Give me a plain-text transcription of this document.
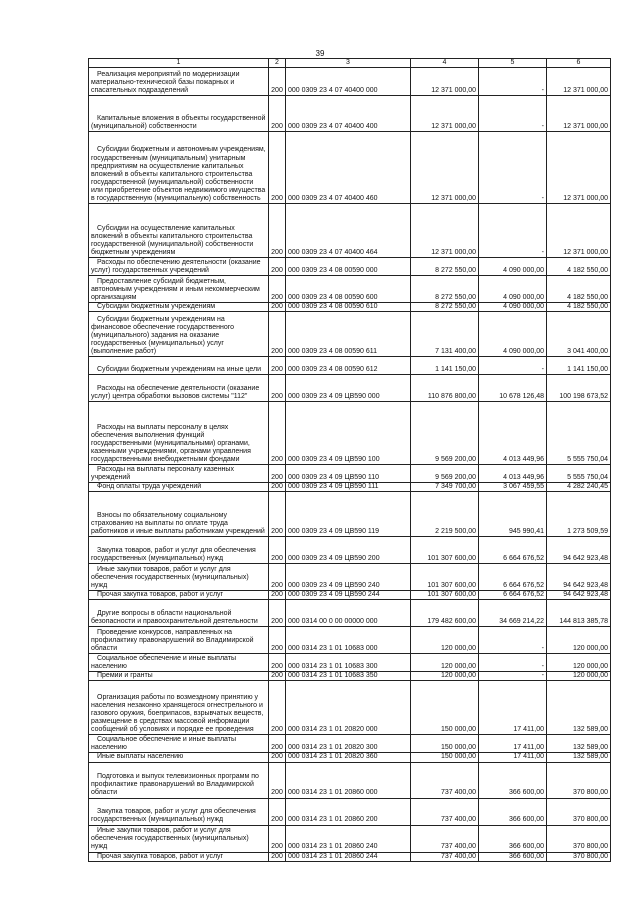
39
1	2	3	4	5	6
Реализация мероприятий по модернизации материально-технической базы пожарных и спасательных подразделений	200	000 0309 23 4 07 40400 000	12 371 000,00	-	12 371 000,00
Капитальные вложения в объекты государственной (муниципальной) собственности	200	000 0309 23 4 07 40400 400	12 371 000,00	-	12 371 000,00
Субсидии бюджетным и автономным учреждениям, государственным (муниципальным) унитарным предприятиям на осуществление капитальных вложений в объекты капитального строительства государственной (муниципальной) собственности или приобретение объектов недвижимого имущества в государственную (муниципальную) собственность	200	000 0309 23 4 07 40400 460	12 371 000,00	-	12 371 000,00
Субсидии на осуществление капитальных вложений в объекты капитального строительства государственной (муниципальной) собственности бюджетным учреждениям	200	000 0309 23 4 07 40400 464	12 371 000,00	-	12 371 000,00
Расходы по обеспечению деятельности (оказание услуг) государственных учреждений	200	000 0309 23 4 08 00590 000	8 272 550,00	4 090 000,00	4 182 550,00
Предоставление субсидий бюджетным, автономным учреждениям и иным некоммерческим организациям	200	000 0309 23 4 08 00590 600	8 272 550,00	4 090 000,00	4 182 550,00
Субсидии бюджетным учреждениям	200	000 0309 23 4 08 00590 610	8 272 550,00	4 090 000,00	4 182 550,00
Субсидии бюджетным учреждениям на финансовое обеспечение государственного (муниципального) задания на оказание государственных (муниципальных) услуг (выполнение работ)	200	000 0309 23 4 08 00590 611	7 131 400,00	4 090 000,00	3 041 400,00
Субсидии бюджетным учреждениям на иные цели	200	000 0309 23 4 08 00590 612	1 141 150,00	-	1 141 150,00
Расходы на обеспечение деятельности (оказание услуг) центра обработки вызовов системы "112"	200	000 0309 23 4 09 ЦВ590 000	110 876 800,00	10 678 126,48	100 198 673,52
Расходы на выплаты персоналу в целях обеспечения выполнения функций государственными (муниципальными) органами, казенными учреждениями, органами управления государственными внебюджетными фондами	200	000 0309 23 4 09 ЦВ590 100	9 569 200,00	4 013 449,96	5 555 750,04
Расходы на выплаты персоналу казенных учреждений	200	000 0309 23 4 09 ЦВ590 110	9 569 200,00	4 013 449,96	5 555 750,04
Фонд оплаты труда учреждений	200	000 0309 23 4 09 ЦВ590 111	7 349 700,00	3 067 459,55	4 282 240,45
Взносы по обязательному социальному страхованию на выплаты по оплате труда работников и иные выплаты работникам учреждений	200	000 0309 23 4 09 ЦВ590 119	2 219 500,00	945 990,41	1 273 509,59
Закупка товаров, работ и услуг для обеспечения государственных (муниципальных) нужд	200	000 0309 23 4 09 ЦВ590 200	101 307 600,00	6 664 676,52	94 642 923,48
Иные закупки товаров, работ и услуг для обеспечения государственных (муниципальных) нужд	200	000 0309 23 4 09 ЦВ590 240	101 307 600,00	6 664 676,52	94 642 923,48
Прочая закупка товаров, работ и услуг	200	000 0309 23 4 09 ЦВ590 244	101 307 600,00	6 664 676,52	94 642 923,48
Другие вопросы в области национальной безопасности и правоохранительной деятельности	200	000 0314 00 0 00 00000 000	179 482 600,00	34 669 214,22	144 813 385,78
Проведение конкурсов, направленных на профилактику правонарушений во Владимирской области	200	000 0314 23 1 01 10683 000	120 000,00	-	120 000,00
Социальное обеспечение и иные выплаты населению	200	000 0314 23 1 01 10683 300	120 000,00	-	120 000,00
Премии и гранты	200	000 0314 23 1 01 10683 350	120 000,00	-	120 000,00
Организация работы по возмездному принятию у населения незаконно хранящегося огнестрельного и газового оружия, боеприпасов, взрывчатых веществ, размещение в средствах массовой информации сообщений об условиях и порядке ее проведения	200	000 0314 23 1 01 20820 000	150 000,00	17 411,00	132 589,00
Социальное обеспечение и иные выплаты населению	200	000 0314 23 1 01 20820 300	150 000,00	17 411,00	132 589,00
Иные выплаты населению	200	000 0314 23 1 01 20820 360	150 000,00	17 411,00	132 589,00
Подготовка и выпуск телевизионных программ по профилактике правонарушений во Владимирской области	200	000 0314 23 1 01 20860 000	737 400,00	366 600,00	370 800,00
Закупка товаров, работ и услуг для обеспечения государственных (муниципальных) нужд	200	000 0314 23 1 01 20860 200	737 400,00	366 600,00	370 800,00
Иные закупки товаров, работ и услуг для обеспечения государственных (муниципальных) нужд	200	000 0314 23 1 01 20860 240	737 400,00	366 600,00	370 800,00
Прочая закупка товаров, работ и услуг	200	000 0314 23 1 01 20860 244	737 400,00	366 600,00	370 800,00
